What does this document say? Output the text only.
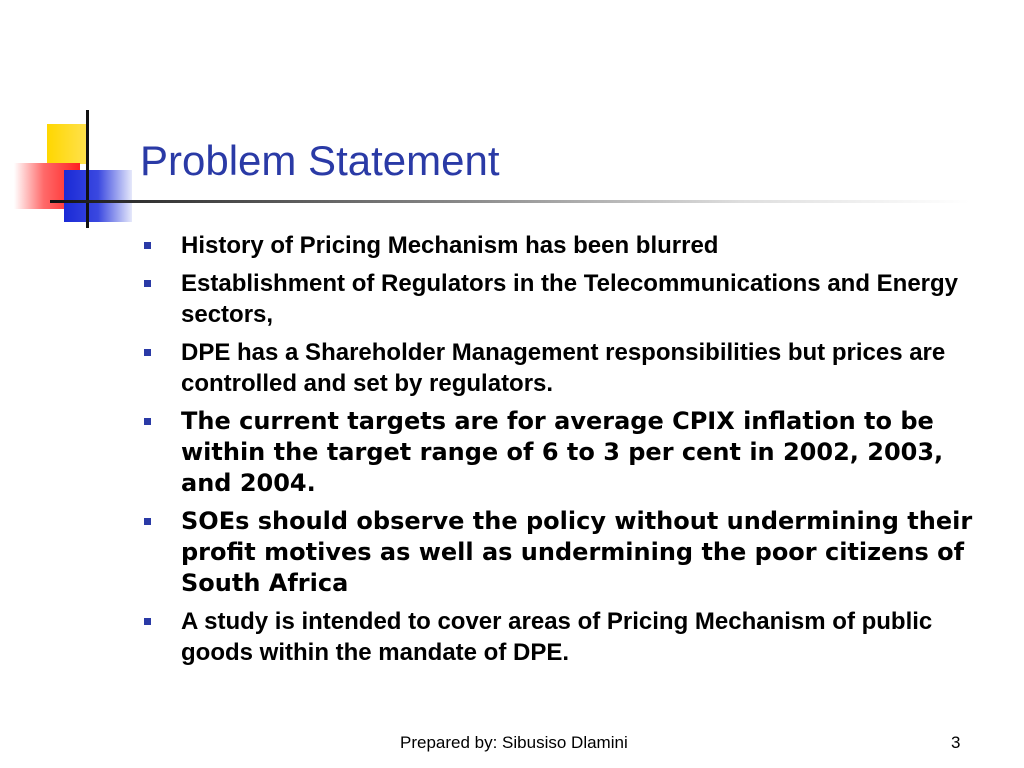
Problem Statement
History of Pricing Mechanism has been blurred
Establishment of Regulators in the Telecommunications and Energy sectors,
DPE has a Shareholder Management responsibilities but prices are controlled and set by regulators.
The current targets are for average CPIX inflation to be within the target range of 6 to 3 per cent in 2002, 2003, and 2004.
SOEs should observe the policy without undermining their profit motives as well as undermining the poor citizens of South Africa
A study is intended to cover areas of Pricing Mechanism of public goods within the mandate of DPE.
Prepared by: Sibusiso Dlamini	3
